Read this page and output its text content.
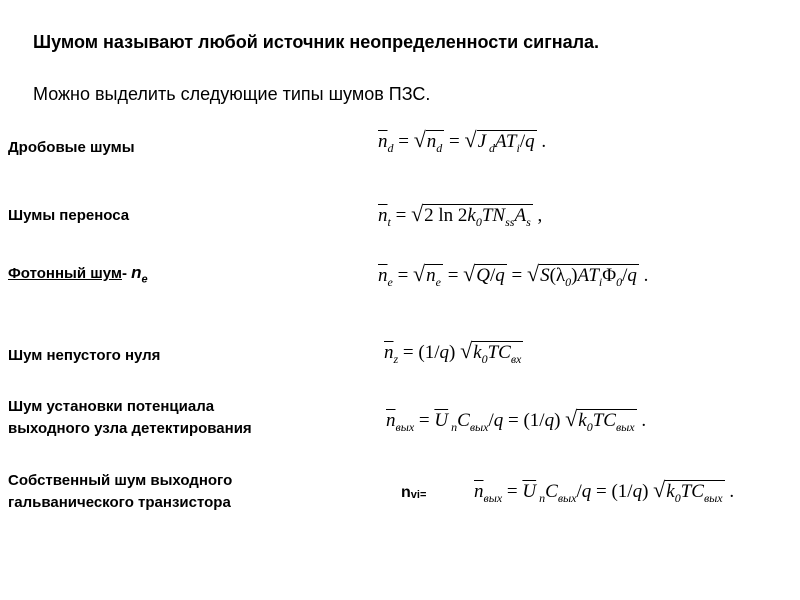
Шумом называют любой источник неопределенности сигнала.
Можно выделить следующие типы шумов ПЗС.
Дробовые шумы	$\overline{n}_d = √n_d = √J$ $_dAT_i/q$ .
Шумы переноса	$\overline{n}_t = √2$ $\ln 2k_0TN_{ss}A_s$ ,
Фотонный шум- $n_e$	$\overline{n}_e = √n_e = √Q/q = √S(\lambda_0)AT_i\Phi_0/q$ .
Шум непустого нуля	$\overline{n}_z = (1/q)$ $√k_0TC_{вх}$
Шум установки потенциала
выходного узла детектирования	$\overline{n}_{вых} = \overline{U}$ $_nC_{вых}/q = (1/q)$ $√k_0TC_{вых}$ .
Собственный шум выходного
гальванического транзистора
nvi=	$\overline{n}_{вых} = \overline{U}$ $_nC_{вых}/q = (1/q)$ $√k_0TC_{вых}$ .
